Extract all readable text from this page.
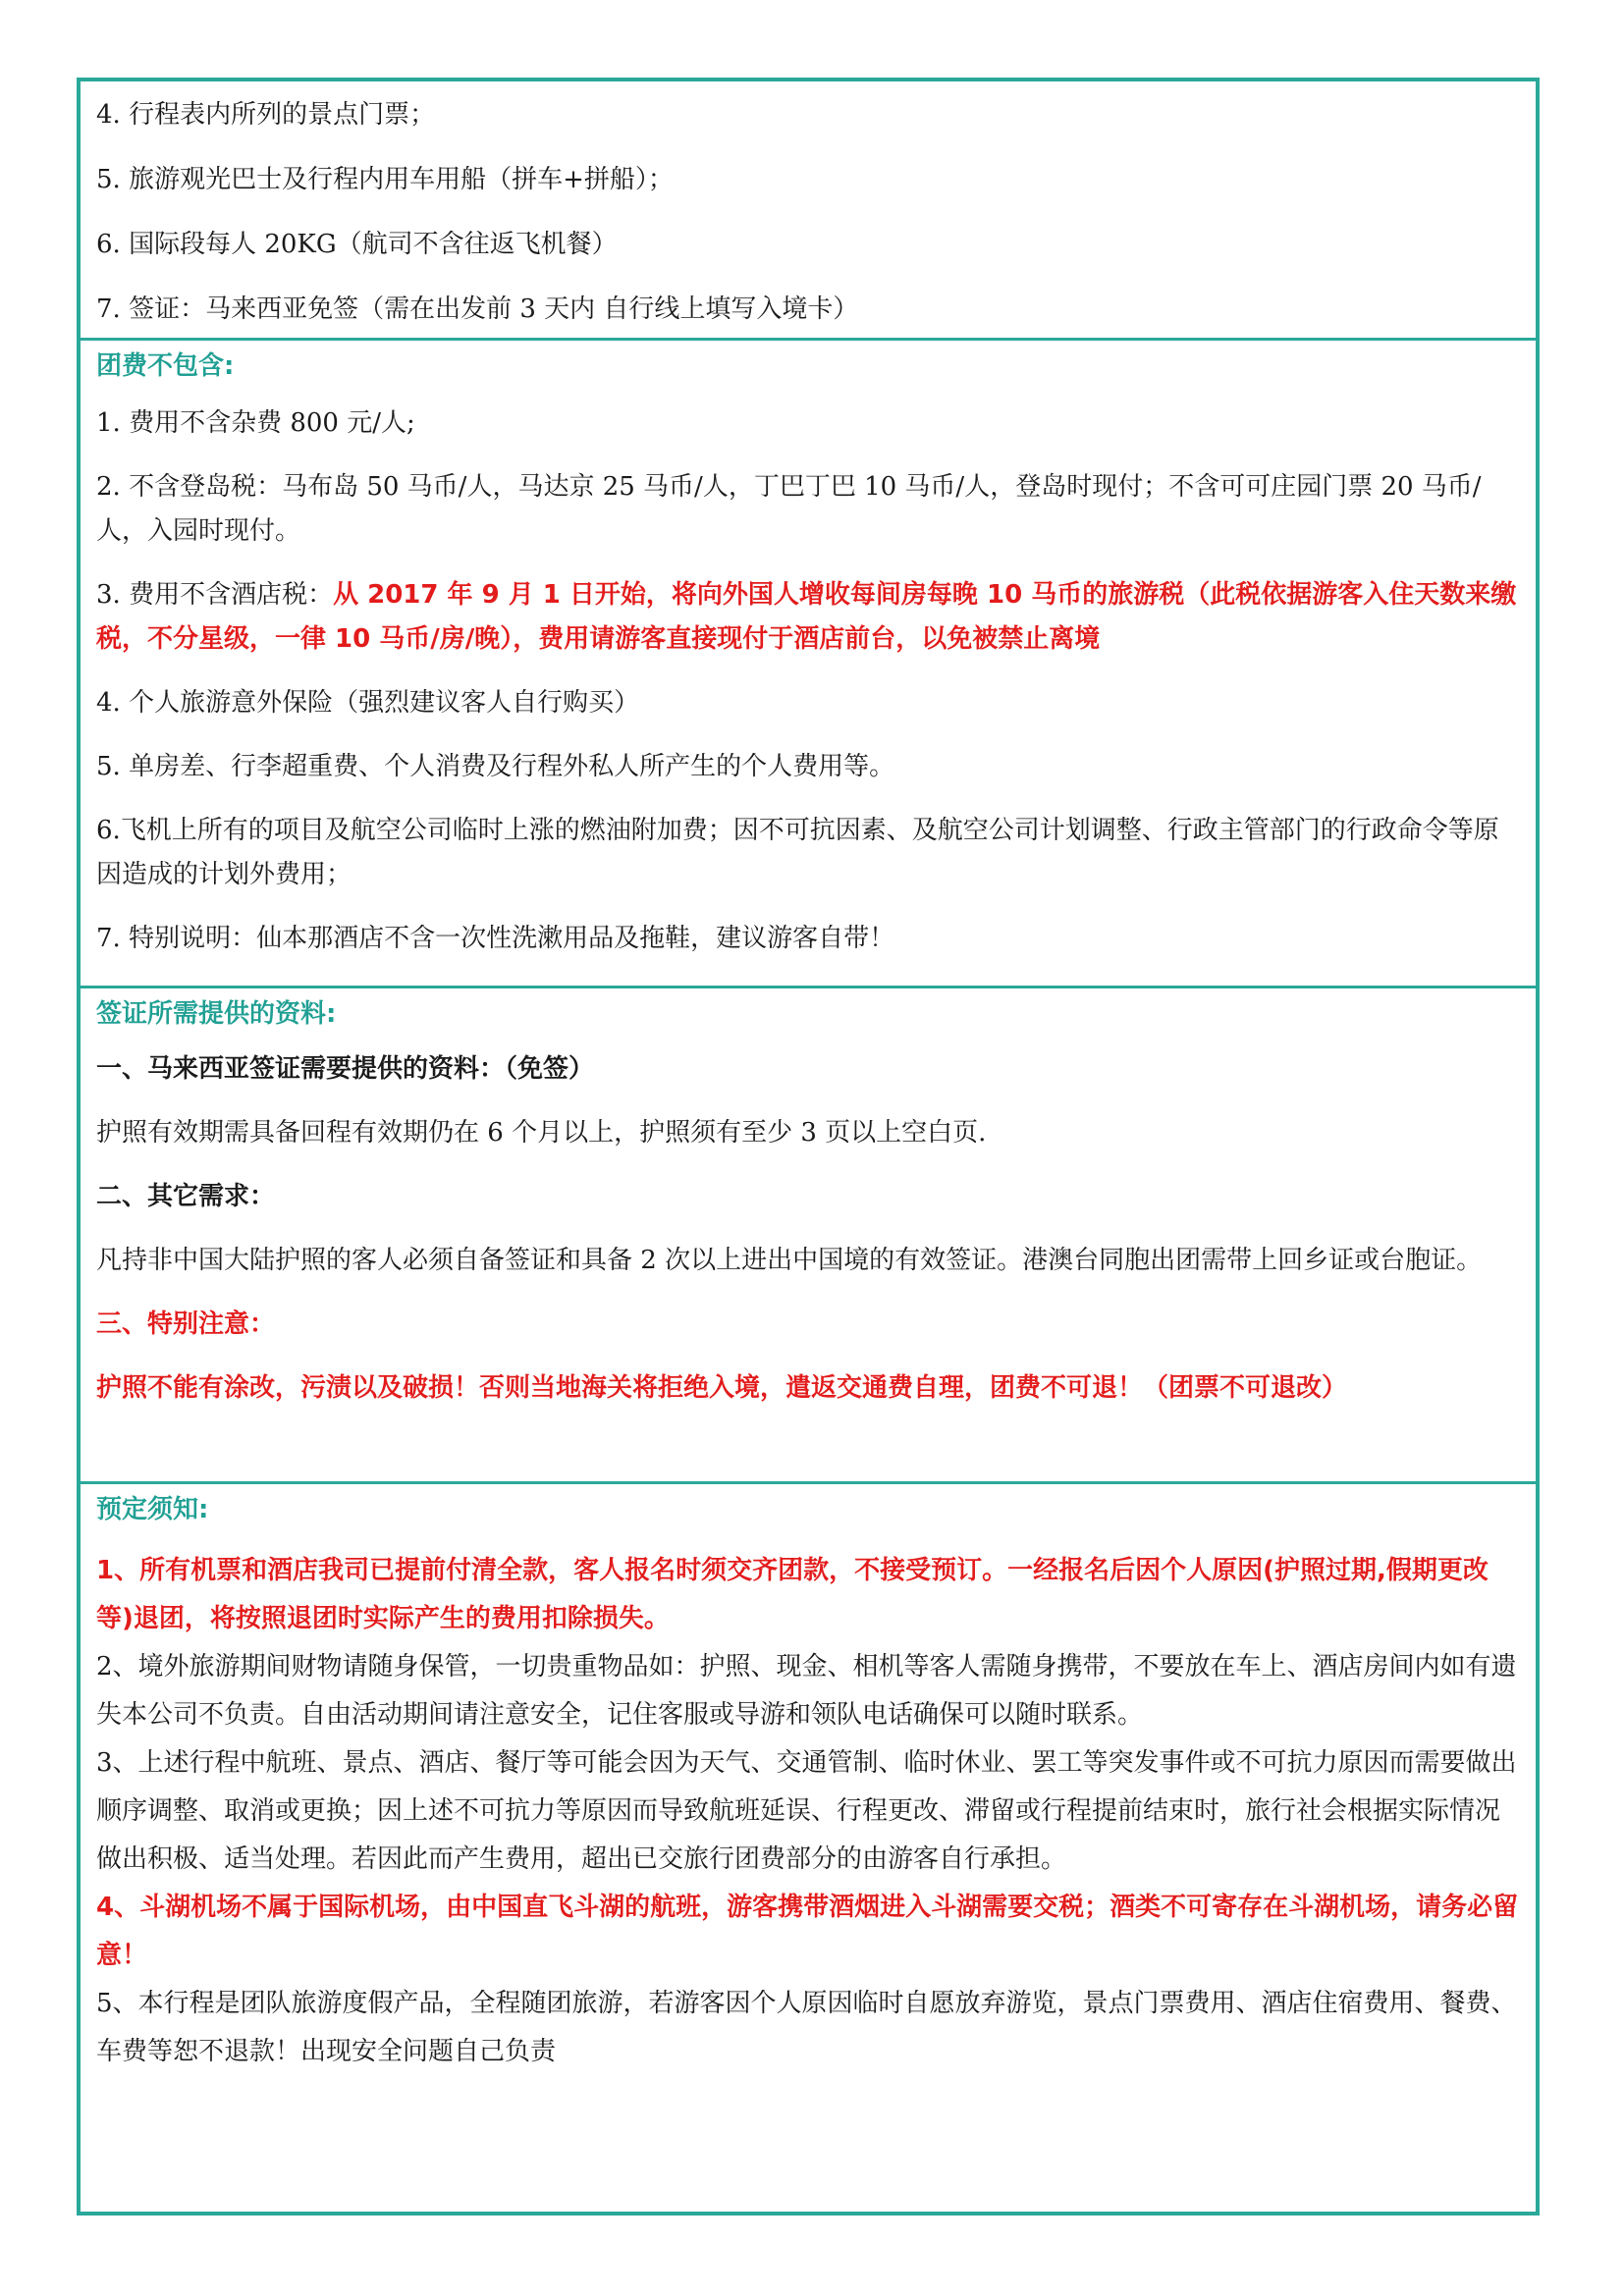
4. 行程表内所列的景点门票；
5. 旅游观光巴士及行程内用车用船（拼车+拼船）；
6. 国际段每人 20KG（航司不含往返飞机餐）
7. 签证：马来西亚免签（需在出发前 3 天内 自行线上填写入境卡）
团费不包含:
1. 费用不含杂费 800 元/人;
2. 不含登岛税：马布岛 50 马币/人，马达京 25 马币/人，丁巴丁巴 10 马币/人，登岛时现付；不含可可庄园门票 20 马币/人，入园时现付。
3. 费用不含酒店税：从 2017 年 9 月 1 日开始，将向外国人增收每间房每晚 10 马币的旅游税（此税依据游客入住天数来缴税，不分星级，一律 10 马币/房/晚），费用请游客直接现付于酒店前台，以免被禁止离境
4. 个人旅游意外保险（强烈建议客人自行购买）
5. 单房差、行李超重费、个人消费及行程外私人所产生的个人费用等。
6.飞机上所有的项目及航空公司临时上涨的燃油附加费；因不可抗因素、及航空公司计划调整、行政主管部门的行政命令等原因造成的计划外费用；
7. 特别说明：仙本那酒店不含一次性洗漱用品及拖鞋，建议游客自带！
签证所需提供的资料:
一、马来西亚签证需要提供的资料：（免签）
护照有效期需具备回程有效期仍在 6 个月以上，护照须有至少 3 页以上空白页.
二、其它需求：
凡持非中国大陆护照的客人必须自备签证和具备 2 次以上进出中国境的有效签证。港澳台同胞出团需带上回乡证或台胞证。
三、特别注意：
护照不能有涂改，污渍以及破损！否则当地海关将拒绝入境，遣返交通费自理，团费不可退！（团票不可退改）
预定须知:
1、所有机票和酒店我司已提前付清全款，客人报名时须交齐团款，不接受预订。一经报名后因个人原因(护照过期,假期更改等)退团，将按照退团时实际产生的费用扣除损失。
2、境外旅游期间财物请随身保管，一切贵重物品如：护照、现金、相机等客人需随身携带，不要放在车上、酒店房间内如有遗失本公司不负责。自由活动期间请注意安全，记住客服或导游和领队电话确保可以随时联系。
3、上述行程中航班、景点、酒店、餐厅等可能会因为天气、交通管制、临时休业、罢工等突发事件或不可抗力原因而需要做出顺序调整、取消或更换；因上述不可抗力等原因而导致航班延误、行程更改、滞留或行程提前结束时，旅行社会根据实际情况做出积极、适当处理。若因此而产生费用，超出已交旅行团费部分的由游客自行承担。
4、斗湖机场不属于国际机场，由中国直飞斗湖的航班，游客携带酒烟进入斗湖需要交税；酒类不可寄存在斗湖机场，请务必留意！
5、本行程是团队旅游度假产品，全程随团旅游，若游客因个人原因临时自愿放弃游览，景点门票费用、酒店住宿费用、餐费、车费等恕不退款！出现安全问题自己负责
